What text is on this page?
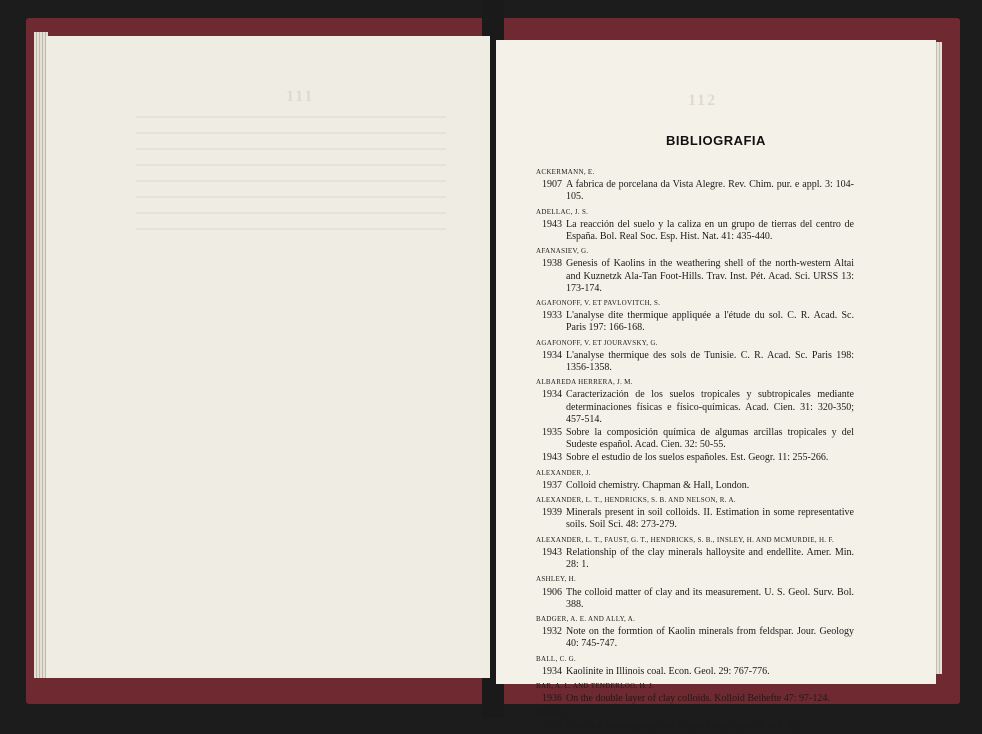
111	112
BIBLIOGRAFIA
ACKERMANN, E.
1907 A fabrica de porcelana da Vista Alegre. Rev. Chim. pur. e appl. 3: 104-105.
ADELLAC, J. S.
1943 La reacción del suelo y la caliza en un grupo de tierras del centro de España. Bol. Real Soc. Esp. Hist. Nat. 41: 435-440.
AFANASIEV, G.
1938 Genesis of Kaolins in the weathering shell of the north-western Altai and Kuznetzk Ala-Tan Foot-Hills. Trav. Inst. Pét. Acad. Sci. URSS 13: 173-174.
AGAFONOFF, V. ET PAVLOVITCH, S.
1933 L'analyse dite thermique appliquée a l'étude du sol. C. R. Acad. Sc. Paris 197: 166-168.
AGAFONOFF, V. ET JOURAVSKY, G.
1934 L'analyse thermique des sols de Tunisie. C. R. Acad. Sc. Paris 198: 1356-1358.
ALBAREDA HERRERA, J. M.
1934 Caracterización de los suelos tropicales y subtropicales mediante determinaciones físicas e físico-químicas. Acad. Cien. 31: 320-350; 457-514.
1935 Sobre la composición química de algumas arcillas tropicales y del Sudeste español. Acad. Cien. 32: 50-55.
1943 Sobre el estudio de los suelos españoles. Est. Geogr. 11: 255-266.
ALEXANDER, J.
1937 Colloid chemistry. Chapman & Hall, London.
ALEXANDER, L. T., HENDRICKS, S. B. AND NELSON, R. A.
1939 Minerals present in soil colloids. II. Estimation in some representative soils. Soil Sci. 48: 273-279.
ALEXANDER, L. T., FAUST, G. T., HENDRICKS, S. B., INSLEY, H. AND MCMURDIE, H. F.
1943 Relationship of the clay minerals halloysite and endellite. Amer. Min. 28: 1.
ASHLEY, H.
1906 The colloid matter of clay and its measurement. U. S. Geol. Surv. Bol. 388.
BADGER, A. E. AND ALLY, A.
1932 Note on the formtion of Kaolin minerals from feldspar. Jour. Geology 40: 745-747.
BALL, C. G.
1934 Kaolinite in Illinois coal. Econ. Geol. 29: 767-776.
BAR, A. L. AND TENDERLOO, H. J.
1936 On the double layer of clay colloids. Kolloid Beihefte 47: 97-124.
BOEGE, H.
1927 Über den Kaolingehalt von Tonen. Chem. Erde 3: 341-369.
